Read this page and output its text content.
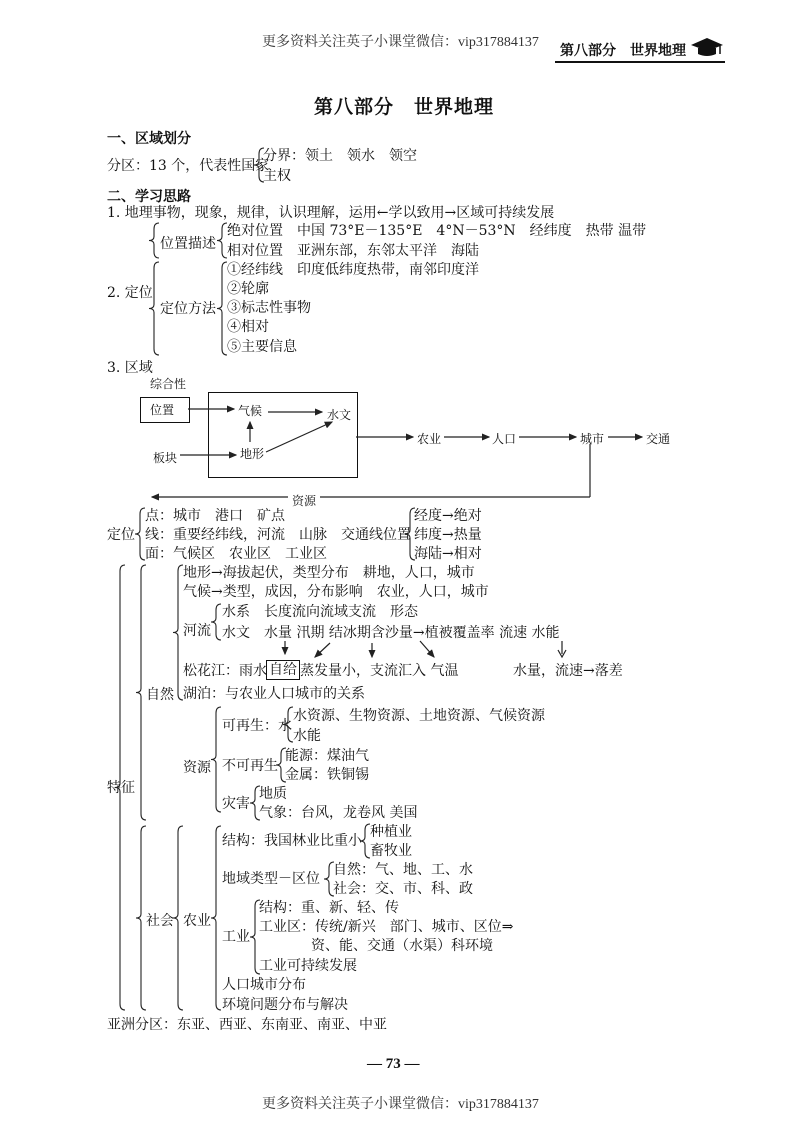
更多资料关注英子小课堂微信：vip317884137
第八部分 世界地理
第八部分　世界地理
一、区域划分
分区：13 个，代表性国家
分界：领土　领水　领空
主权
二、学习思路
1. 地理事物，现象，规律，认识理解，运用←学以致用→区域可持续发展
2. 定位
位置描述
绝对位置　中国 73°E－135°E　4°N－53°N　经纬度　热带 温带
相对位置　亚洲东部，东邻太平洋　海陆
定位方法
①经纬线　印度低纬度热带，南邻印度洋
②轮廓
③标志性事物
④相对
⑤主要信息
3. 区域
综合性
位置	气候	水文
板块	地形
农业	人口	城市	交通
资源
定位
点：城市　港口　矿点
线：重要经纬线，河流　山脉　交通线位置
面：气候区　农业区　工业区
经度→绝对
纬度→热量
海陆→相对
特征
自然
地形→海拔起伏，类型分布　耕地，人口，城市
气候→类型，成因，分布影响　农业，人口，城市
河流
水系　长度流向流域支流　形态
水文　水量 汛期 结冰期含沙量→植被覆盖率 流速 水能
松花江：雨水 自给 蒸发量小，支流汇入 气温	水量，流速→落差
湖泊：与农业人口城市的关系
资源
可再生：水
水资源、生物资源、土地资源、气候资源
水能
不可再生
能源：煤油气
金属：铁铜锡
灾害
地质
气象：台风，龙卷风 美国
社会 农业
结构：我国林业比重小
种植业
畜牧业
地域类型－区位
自然：气、地、工、水
社会：交、市、科、政
工业
结构：重、新、轻、传
工业区：传统/新兴　部门、城市、区位⇒
资、能、交通（水渠）科环境
工业可持续发展
人口城市分布
环境问题分布与解决
亚洲分区：东亚、西亚、东南亚、南亚、中亚
— 73 —
更多资料关注英子小课堂微信：vip317884137
